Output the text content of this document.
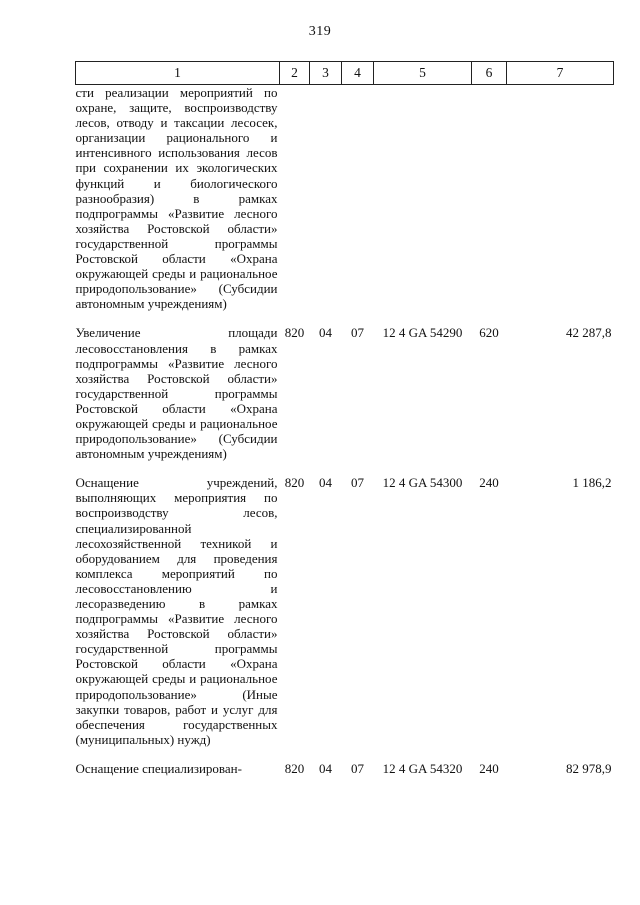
319
1	2	3	4	5	6	7
сти реализации мероприятий по охране, защите, воспроизводству лесов, отводу и таксации лесосек, организации рационального и интенсивного использования лесов при сохранении их экологических функций и биологического разнообразия) в рамках подпрограммы «Развитие лесного хозяйства Ростовской области» государственной программы Ростовской области «Охрана окружающей среды и рациональное природопользование» (Субсидии автономным учреждениям)						

Увеличение площади лесовосстановления в рамках подпрограммы «Развитие лесного хозяйства Ростовской области» государственной программы Ростовской области «Охрана окружающей среды и рациональное природопользование» (Субсидии автономным учреждениям)	820	04	07	12 4 GA 54290	620	42 287,8

Оснащение учреждений, выполняющих мероприятия по воспроизводству лесов, специализированной лесохозяйственной техникой и оборудованием для проведения комплекса мероприятий по лесовосстановлению и лесоразведению в рамках подпрограммы «Развитие лесного хозяйства Ростовской области» государственной программы Ростовской области «Охрана окружающей среды и рациональное природопользование» (Иные закупки товаров, работ и услуг для обеспечения государственных (муниципальных) нужд)	820	04	07	12 4 GA 54300	240	1 186,2

Оснащение специализирован-	820	04	07	12 4 GA 54320	240	82 978,9
